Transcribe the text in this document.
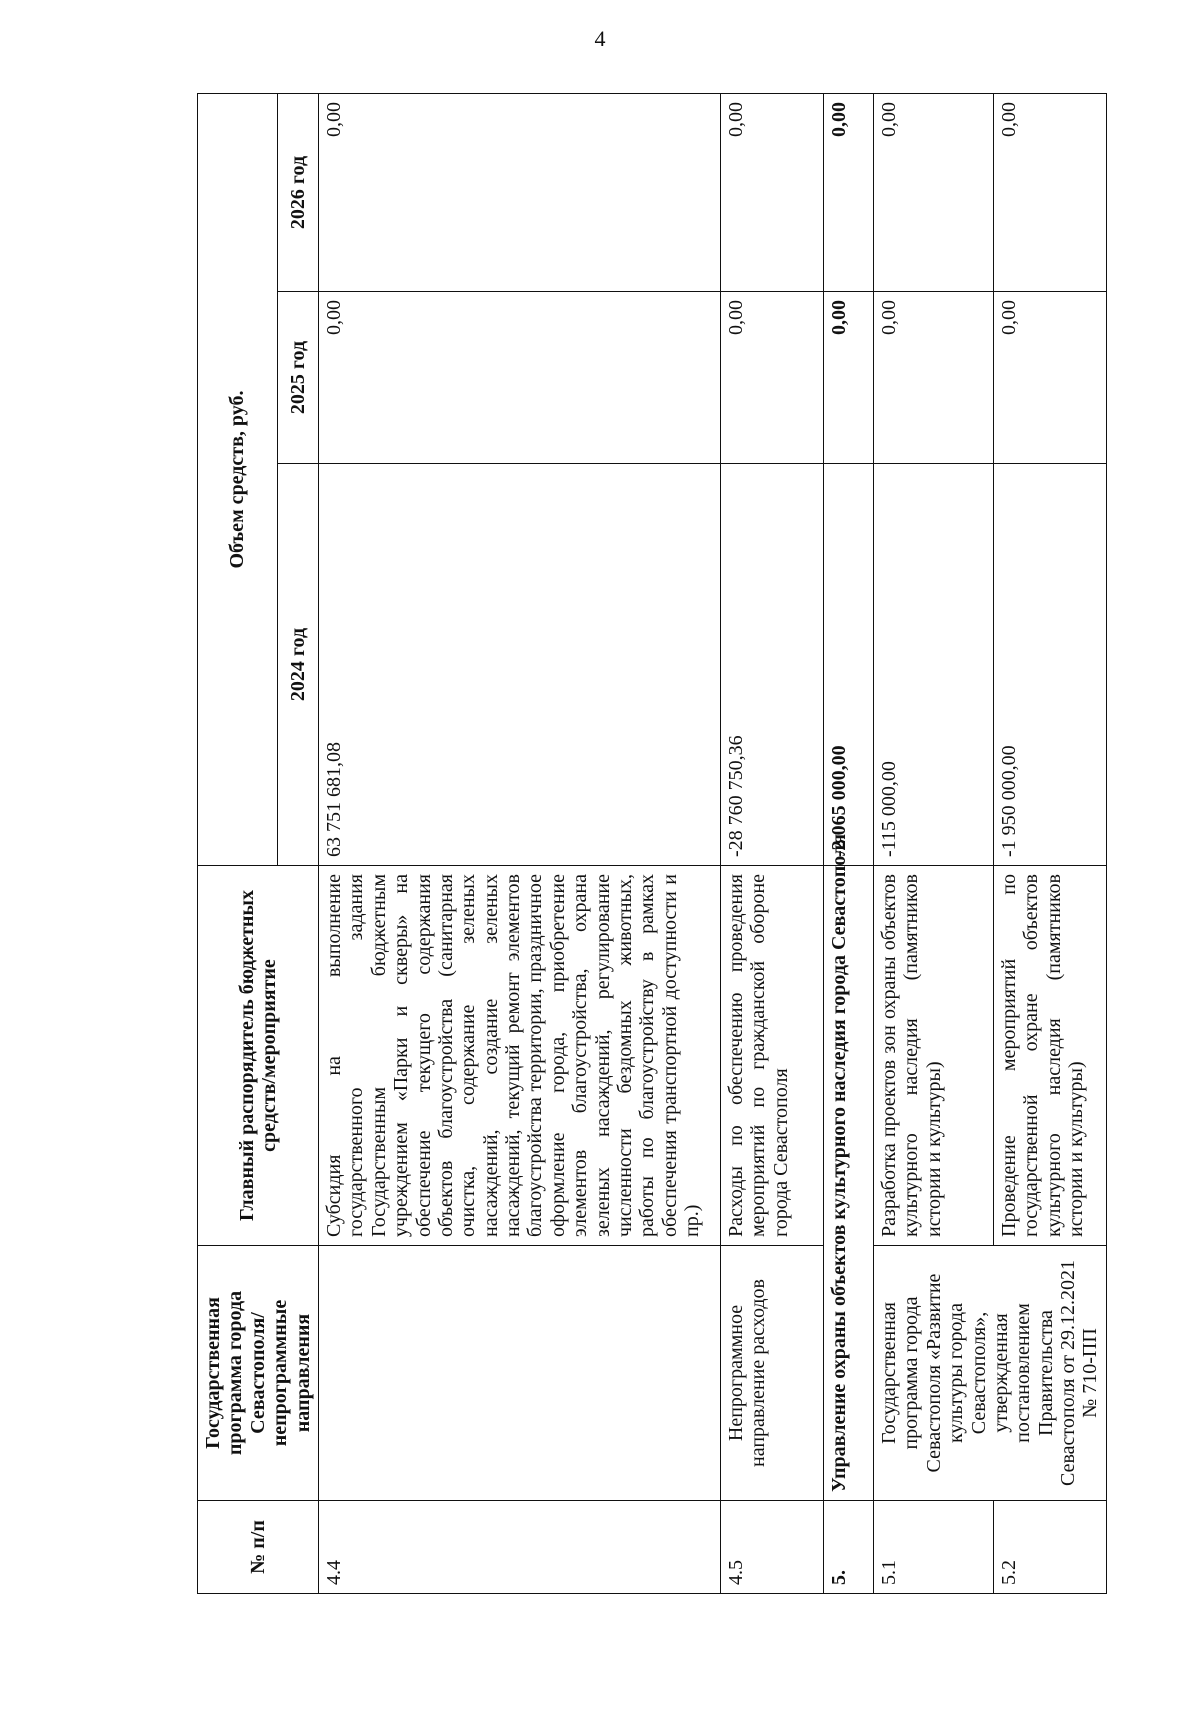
4
№ п/п	Государственная программа города Севастополя/ непрограммные направления	Главный распорядитель бюджетных средств/мероприятие	Объем средств, руб.		
			2024 год	2025 год	2026 год
4.4		Субсидия на выполнение государственного задания Государственным бюджетным учреждением «Парки и скверы» на обеспечение текущего содержания объектов благоустройства (санитарная очистка, содержание зеленых насаждений, создание зеленых насаждений, текущий ремонт элементов благоустройства территории, праздничное оформление города, приобретение элементов благоустройства, охрана зеленых насаждений, регулирование численности бездомных животных, работы по благоустройству в рамках обеспечения транспортной доступности и пр.)	63 751 681,08	0,00	0,00
4.5	Непрограммное направление расходов	Расходы по обеспечению проведения мероприятий по гражданской обороне города Севастополя	-28 760 750,36	0,00	0,00
5.	Управление охраны объектов культурного наследия города Севастополя		-2 065 000,00	0,00	0,00
5.1	Государственная программа города Севастополя «Развитие культуры города Севастополя», утвержденная постановлением Правительства Севастополя от 29.12.2021 № 710-ПП	Разработка проектов зон охраны объектов культурного наследия (памятников истории и культуры)	-115 000,00	0,00	0,00
5.2		Проведение мероприятий по государственной охране объектов культурного наследия (памятников истории и культуры)	-1 950 000,00	0,00	0,00
